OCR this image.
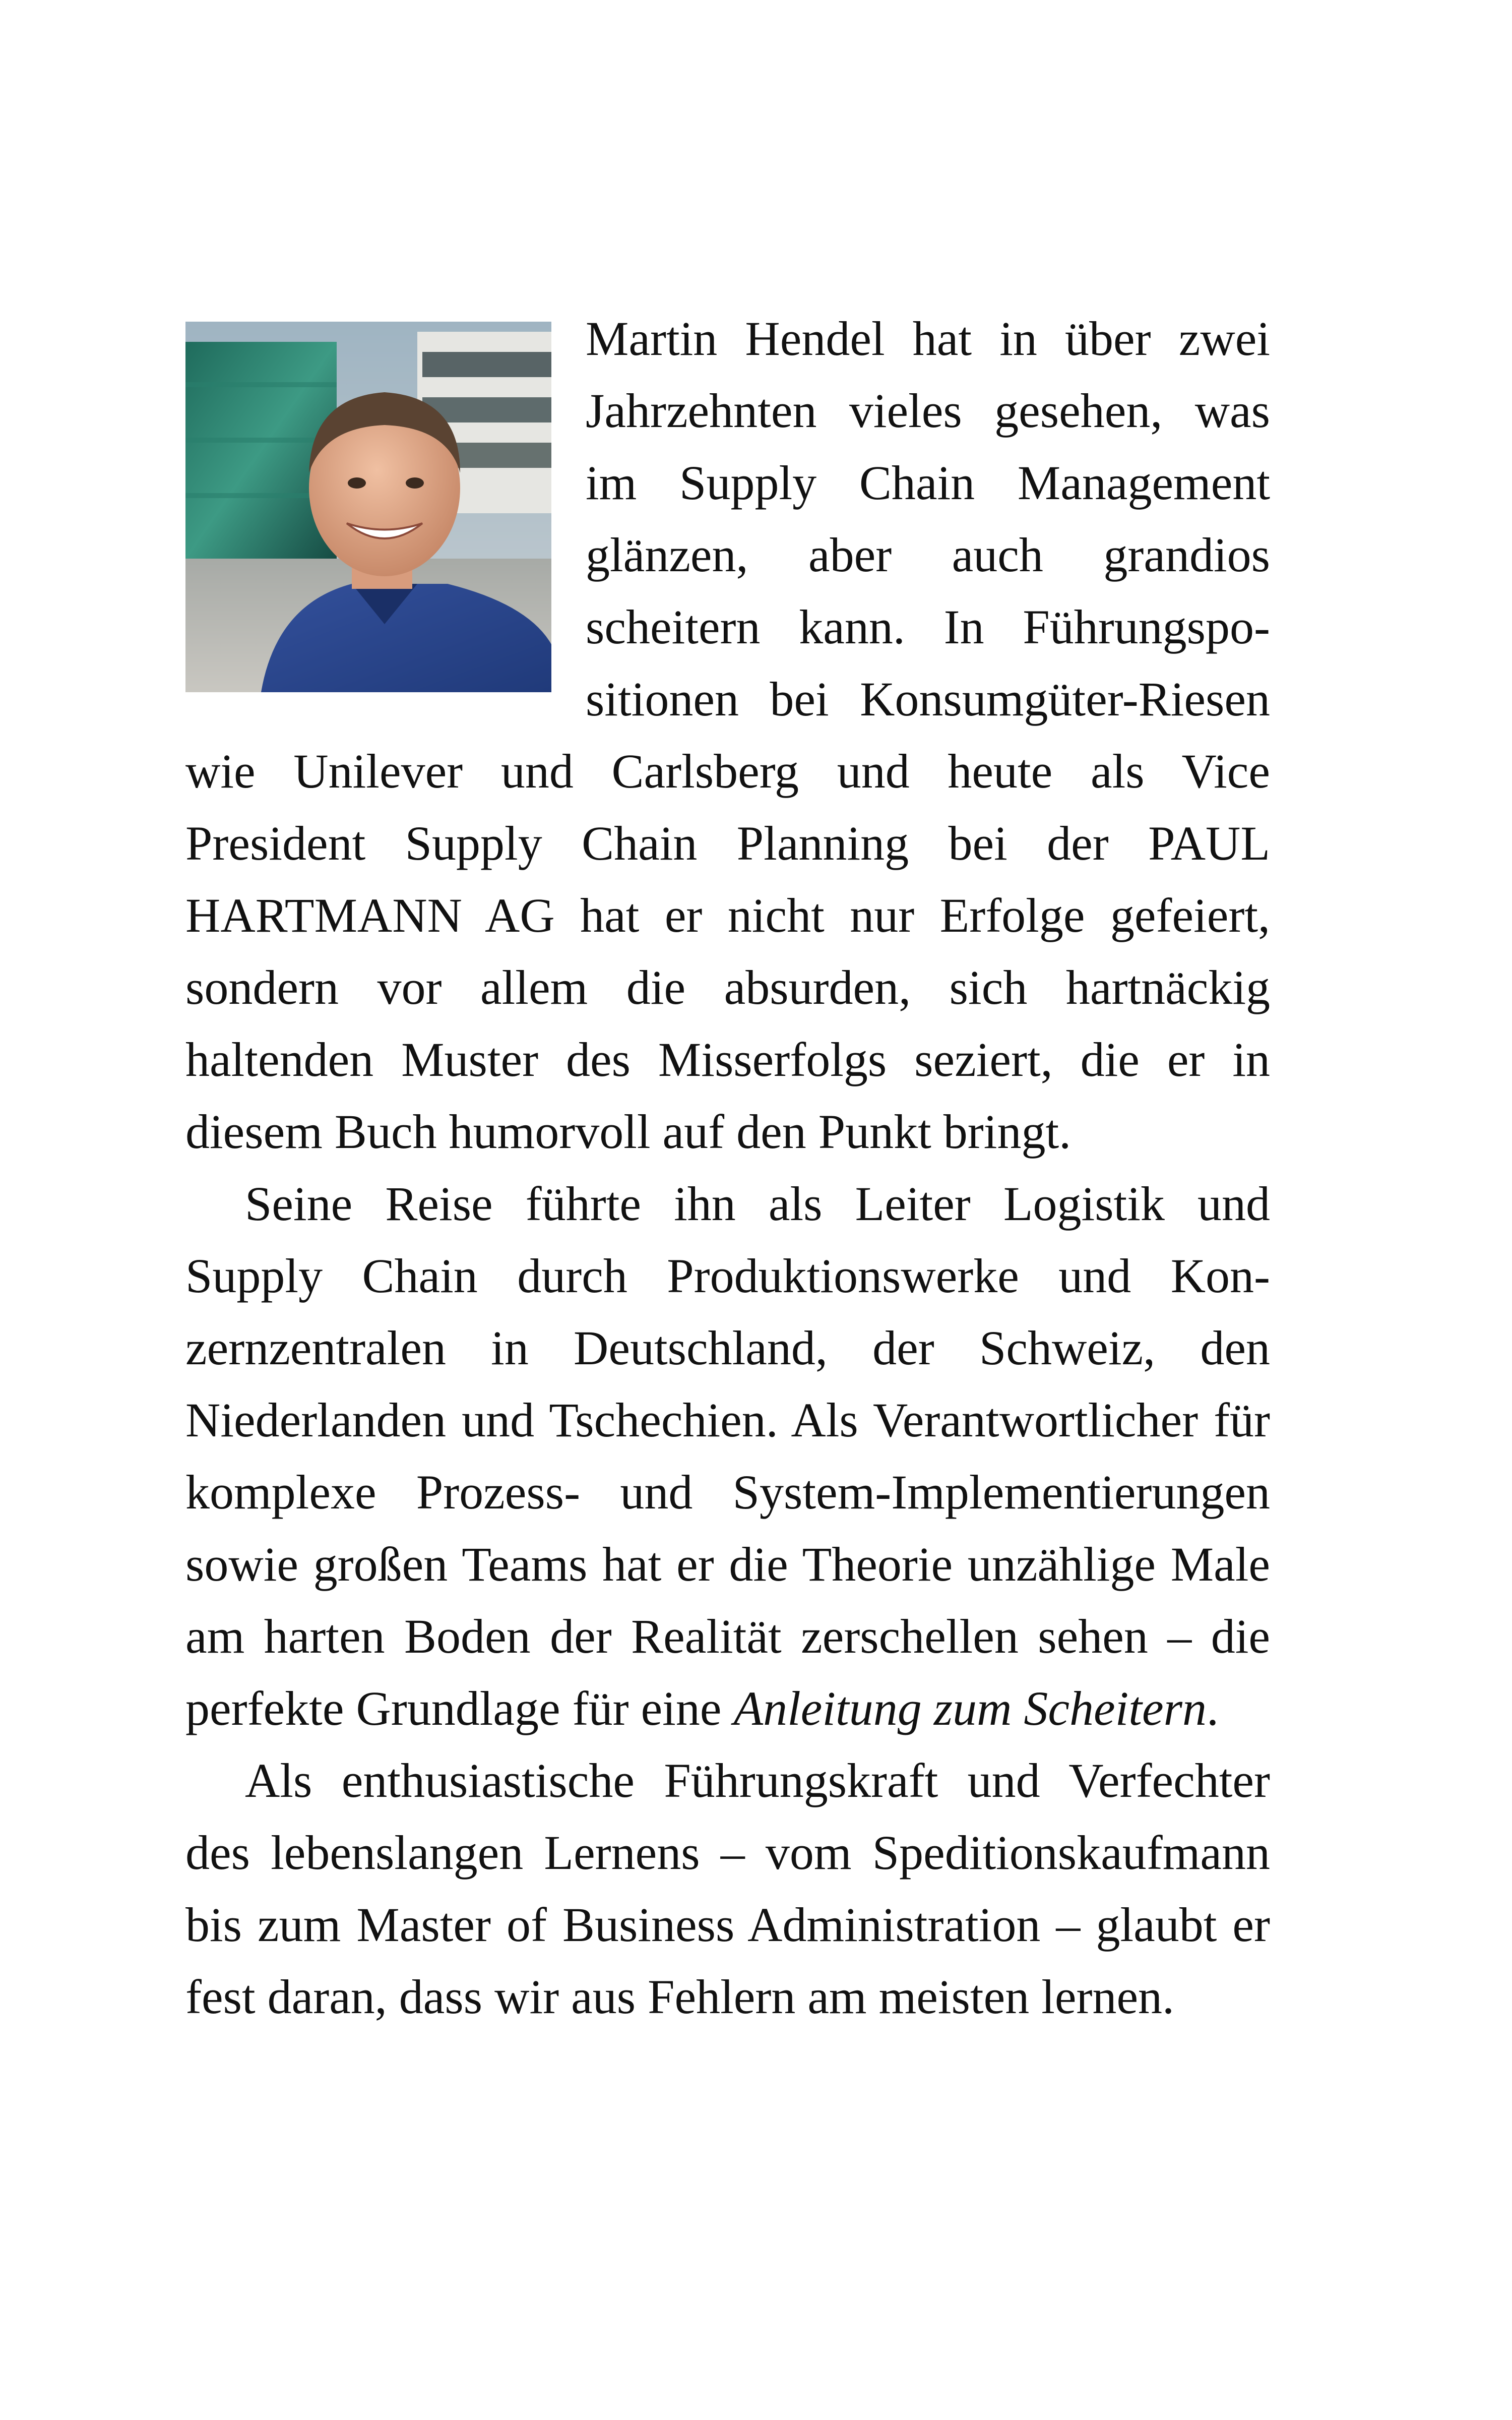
Martin Hendel hat in über zwei Jahrzehnten vieles gesehen, was im Supply Chain Management glänzen, aber auch grandios scheitern kann. In Führungspositionen bei Konsumgüter-Riesen wie Unilever und Carlsberg und heute als Vice President Supply Chain Planning bei der PAUL HARTMANN AG hat er nicht nur Erfolge gefeiert, sondern vor allem die absurden, sich hartnäckig haltenden Muster des Misserfolgs seziert, die er in diesem Buch humorvoll auf den Punkt bringt.

Seine Reise führte ihn als Leiter Logistik und Supply Chain durch Produktionswerke und Konzernzentralen in Deutschland, der Schweiz, den Niederlanden und Tschechien. Als Verantwortlicher für komplexe Prozess- und System-Implementierungen sowie großen Teams hat er die Theorie unzählige Male am harten Boden der Realität zerschellen sehen – die perfekte Grundlage für eine Anleitung zum Scheitern.

Als enthusiastische Führungskraft und Verfechter des lebenslangen Lernens – vom Speditionskaufmann bis zum Master of Business Administration – glaubt er fest daran, dass wir aus Fehlern am meisten lernen.
